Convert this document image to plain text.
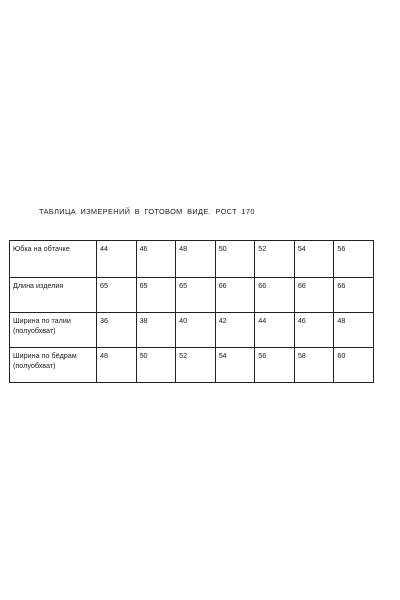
ТАБЛИЦА ИЗМЕРЕНИЙ В ГОТОВОМ ВИДЕ. РОСТ 170
Юбка на обтачке	44	46	48	50	52	54	56
Длина изделия	65	65	65	66	66	66	66
Ширина по талии
(полуобхват)	36	38	40	42	44	46	48
Ширина по бёдрам
(полуобхват)	48	50	52	54	56	58	60
